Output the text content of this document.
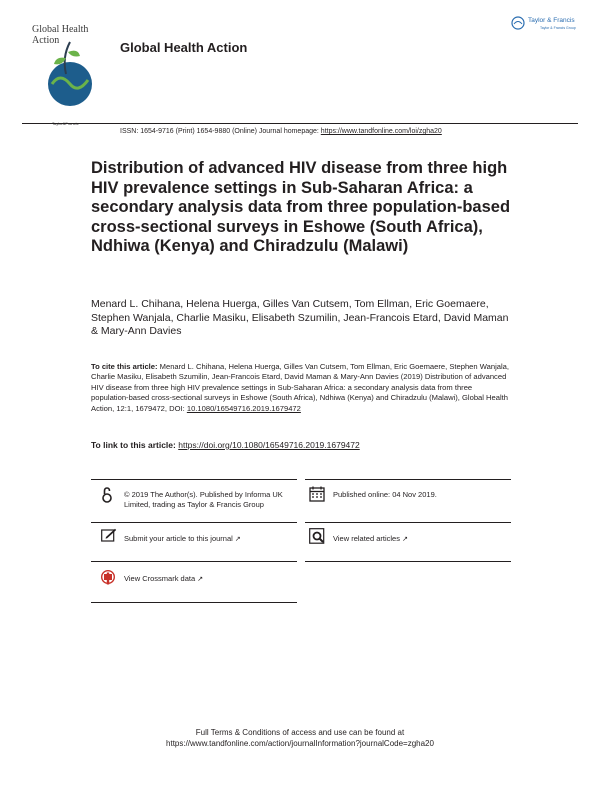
Global Health
Action	Global Health Action
Taylor & Francis
Taylor & Francis Group
Taylor&Francis
ISSN: 1654-9716 (Print) 1654-9880 (Online) Journal homepage: https://www.tandfonline.com/loi/zgha20
Distribution of advanced HIV disease from three high HIV prevalence settings in Sub-Saharan Africa: a secondary analysis data from three population-based cross-sectional surveys in Eshowe (South Africa), Ndhiwa (Kenya) and Chiradzulu (Malawi)
Menard L. Chihana, Helena Huerga, Gilles Van Cutsem, Tom Ellman, Eric Goemaere, Stephen Wanjala, Charlie Masiku, Elisabeth Szumilin, Jean-Francois Etard, David Maman & Mary-Ann Davies
To cite this article: Menard L. Chihana, Helena Huerga, Gilles Van Cutsem, Tom Ellman, Eric Goemaere, Stephen Wanjala, Charlie Masiku, Elisabeth Szumilin, Jean-Francois Etard, David Maman & Mary-Ann Davies (2019) Distribution of advanced HIV disease from three high HIV prevalence settings in Sub-Saharan Africa: a secondary analysis data from three population-based cross-sectional surveys in Eshowe (South Africa), Ndhiwa (Kenya) and Chiradzulu (Malawi), Global Health Action, 12:1, 1679472, DOI: 10.1080/16549716.2019.1679472
To link to this article: https://doi.org/10.1080/16549716.2019.1679472
© 2019 The Author(s). Published by Informa UK Limited, trading as Taylor & Francis Group
Published online: 04 Nov 2019.
Submit your article to this journal ↗	View related articles ↗
View Crossmark data ↗
Full Terms & Conditions of access and use can be found at
https://www.tandfonline.com/action/journalInformation?journalCode=zgha20
